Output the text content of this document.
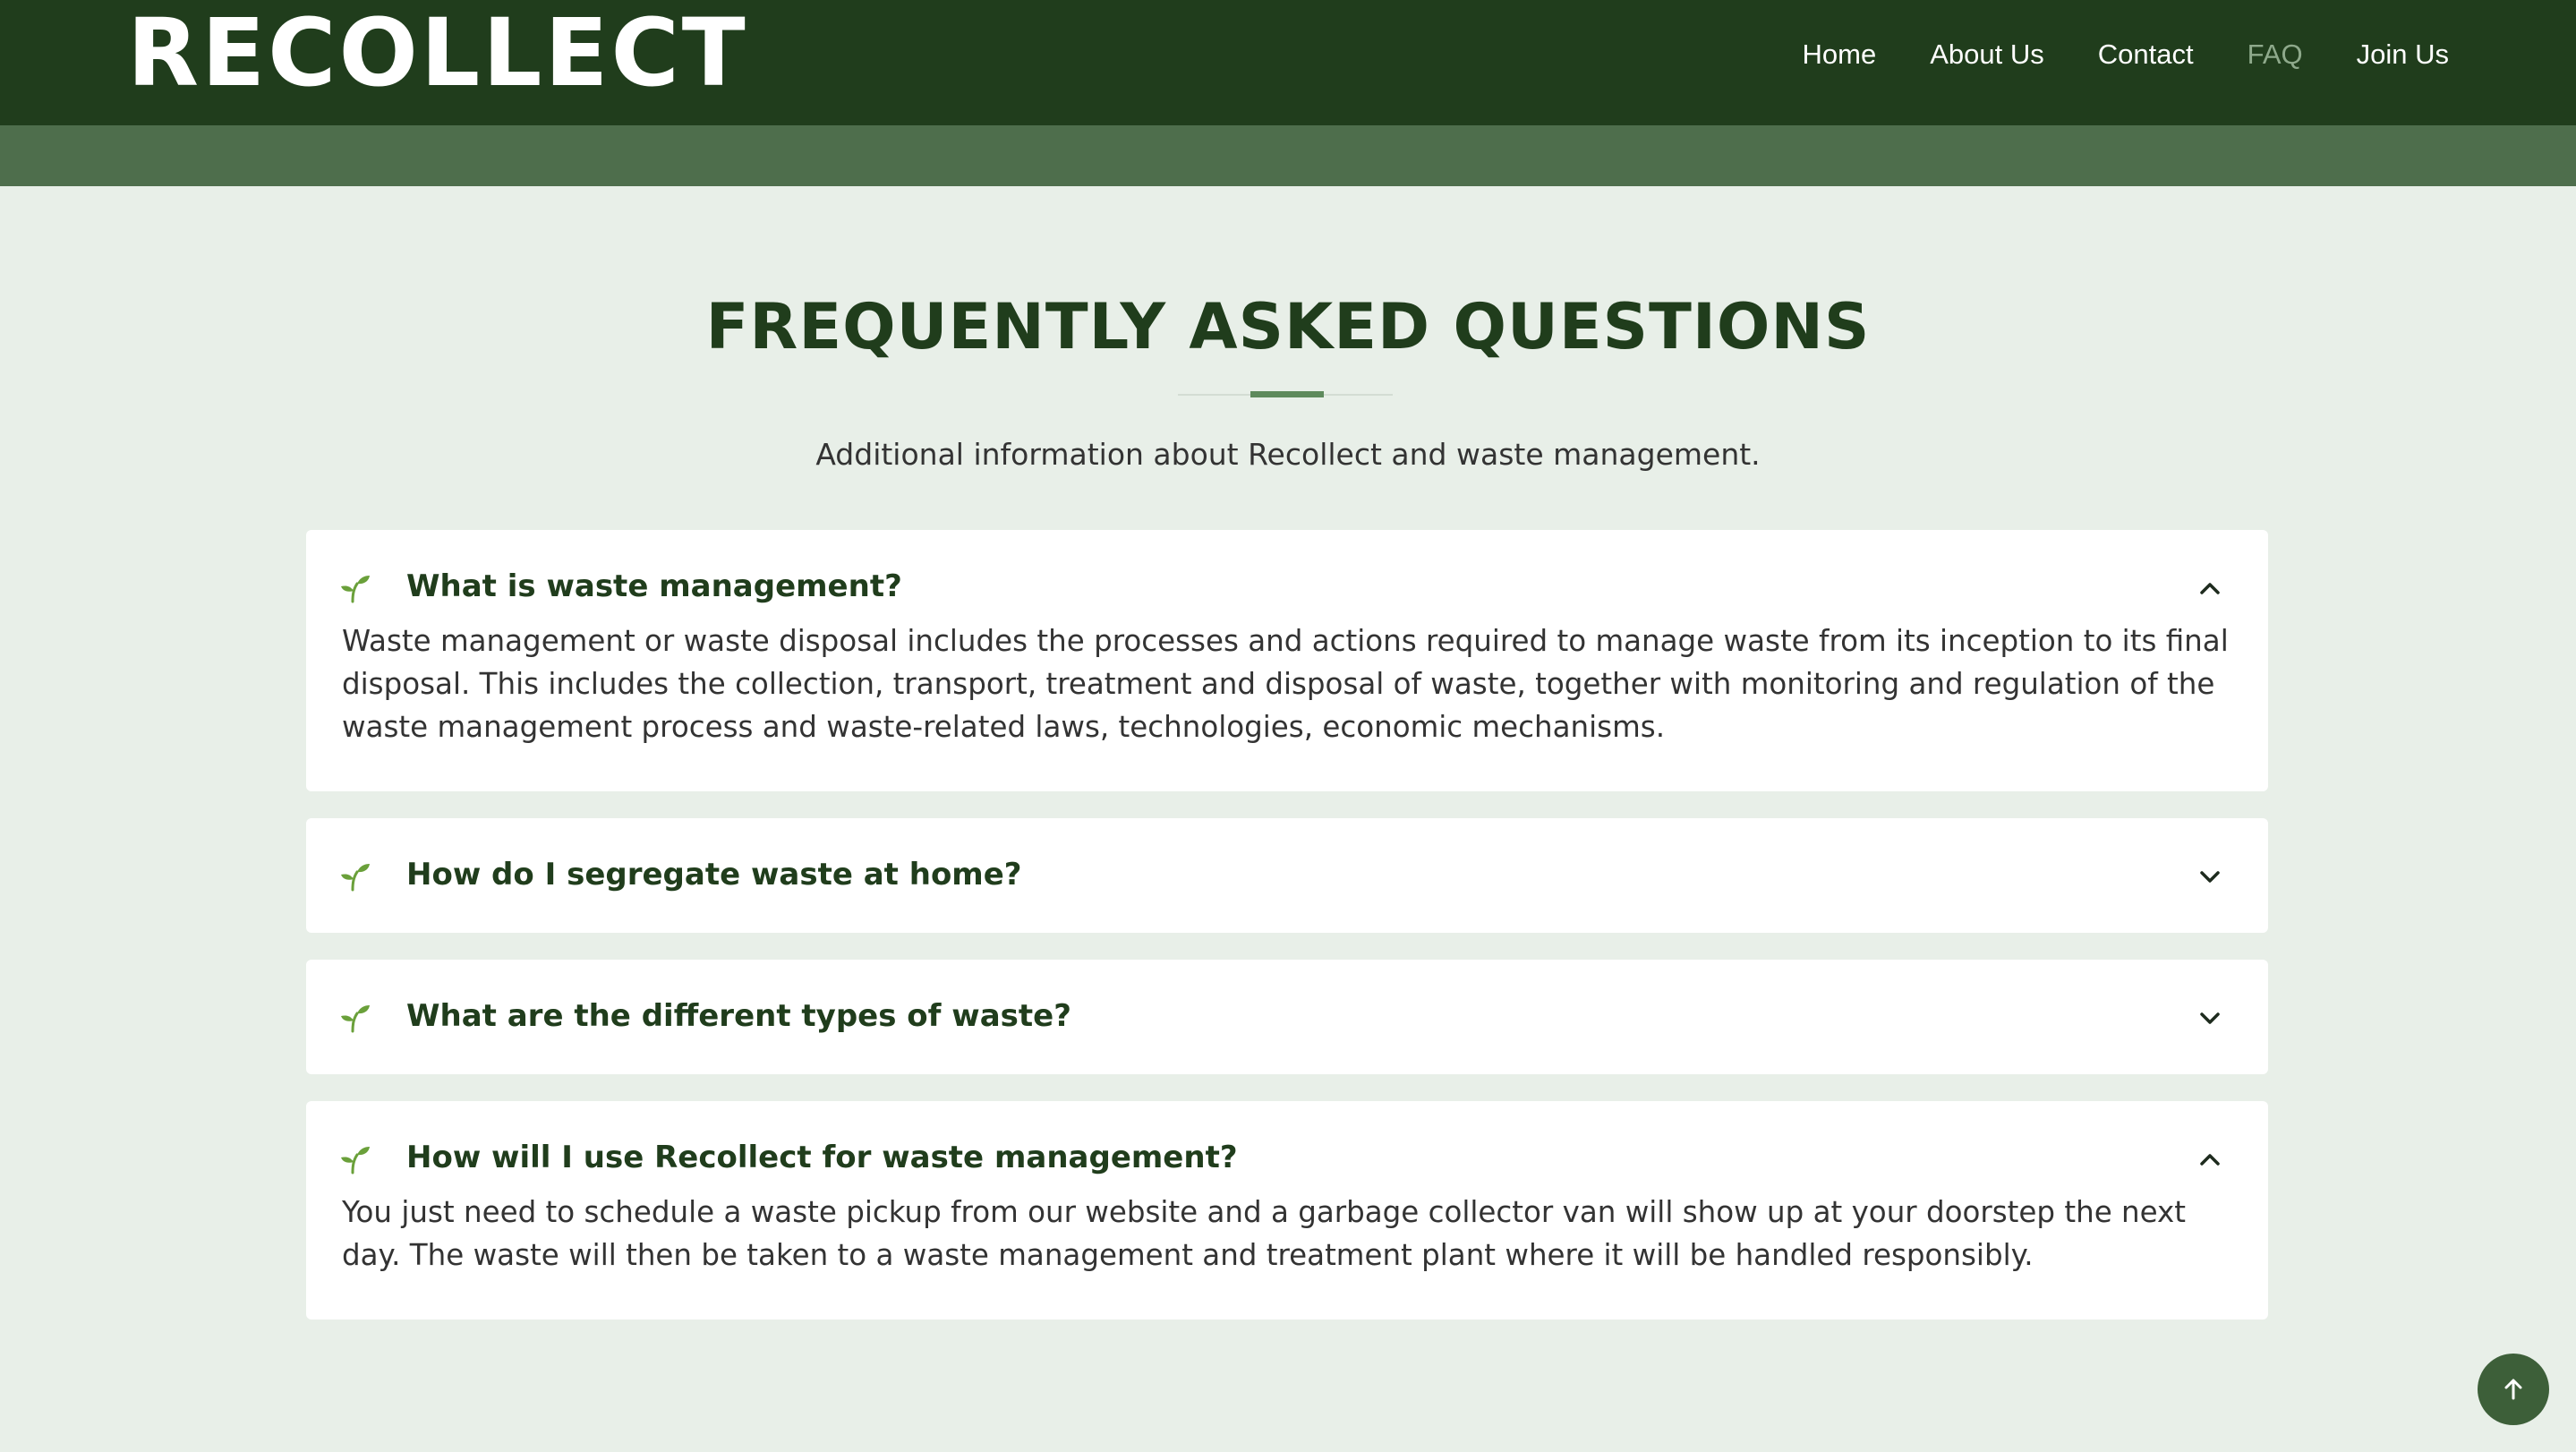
RECOLLECT	Home About Us Contact FAQ Join Us
FREQUENTLY ASKED QUESTIONS

Additional information about Recollect and waste management.

What is waste management?

Waste management or waste disposal includes the processes and actions required to manage waste from its inception to its final disposal. This includes the collection, transport, treatment and disposal of waste, together with monitoring and regulation of the waste management process and waste-related laws, technologies, economic mechanisms.

How do I segregate waste at home?
What are the different types of waste?
How will I use Recollect for waste management?

You just need to schedule a waste pickup from our website and a garbage collector van will show up at your doorstep the next day. The waste will then be taken to a waste management and treatment plant where it will be handled responsibly.
